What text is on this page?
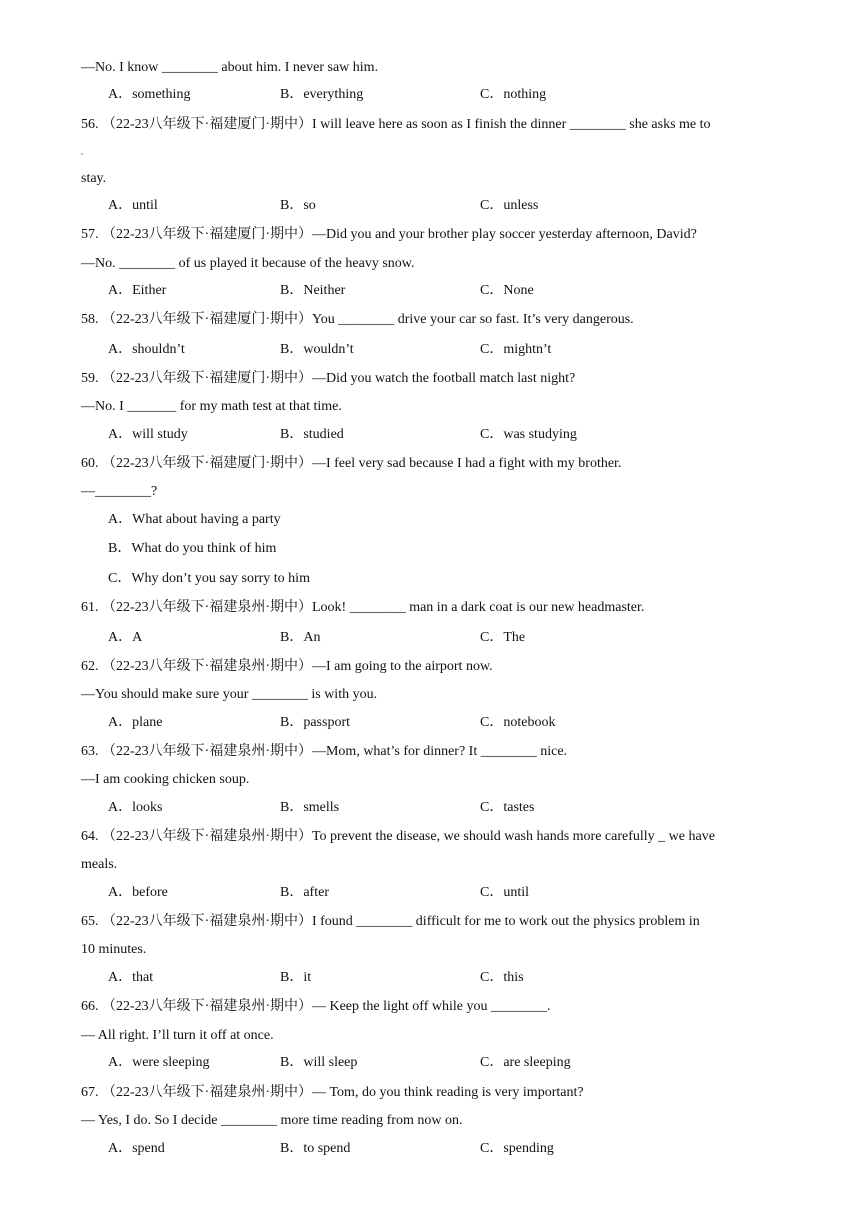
—No. I know ________ about him. I never saw him.
A．something	B．everything	C．nothing
56. （22-23八年级下·福建厦门·期中）I will leave here as soon as I finish the dinner ________ she asks me to
stay.
A．until	B．so	C．unless
57. （22-23八年级下·福建厦门·期中）—Did you and your brother play soccer yesterday afternoon, David?
—No. ________ of us played it because of the heavy snow.
A．Either	B．Neither	C．None
58. （22-23八年级下·福建厦门·期中）You ________ drive your car so fast. It’s very dangerous.
A．shouldn’t	B．wouldn’t	C．mightn’t
59. （22-23八年级下·福建厦门·期中）—Did you watch the football match last night?
—No. I _______ for my math test at that time.
A．will study	B．studied	C．was studying
60. （22-23八年级下·福建厦门·期中）—I feel very sad because I had a fight with my brother.
—________?
A．What about having a party
B．What do you think of him
C．Why don’t you say sorry to him
61. （22-23八年级下·福建泉州·期中）Look! ________ man in a dark coat is our new headmaster.
A．A	B．An	C．The
62. （22-23八年级下·福建泉州·期中）—I am going to the airport now.
—You should make sure your ________ is with you.
A．plane	B．passport	C．notebook
63. （22-23八年级下·福建泉州·期中）—Mom, what’s for dinner? It ________ nice.
—I am cooking chicken soup.
A．looks	B．smells	C．tastes
64. （22-23八年级下·福建泉州·期中）To prevent the disease, we should wash hands more carefully _ we have
meals.
A．before	B．after	C．until
65. （22-23八年级下·福建泉州·期中）I found ________ difficult for me to work out the physics problem in
10 minutes.
A．that	B．it	C．this
66. （22-23八年级下·福建泉州·期中）— Keep the light off while you ________.
— All right. I’ll turn it off at once.
A．were sleeping	B．will sleep	C．are sleeping
67. （22-23八年级下·福建泉州·期中）— Tom, do you think reading is very important?
— Yes, I do. So I decide ________ more time reading from now on.
A．spend	B．to spend	C．spending
